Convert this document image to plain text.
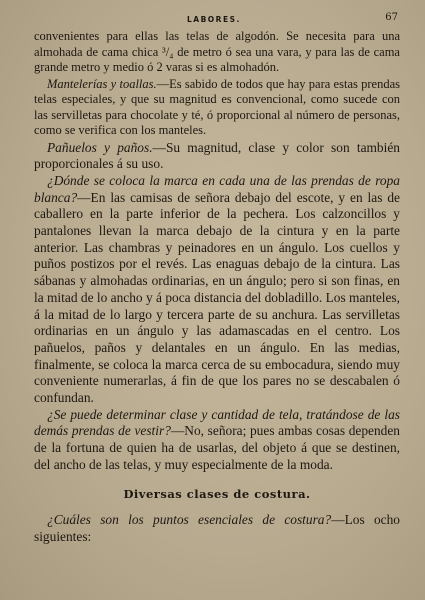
LABORES.	67

convenientes para ellas las telas de algodón. Se necesita para una almohada de cama chica ³/₄ de metro ó sea una vara, y para las de cama grande metro y medio ó 2 varas si es almohadón.

Mantelerías y toallas.—Es sabido de todos que hay para estas prendas telas especiales, y que su magnitud es convencional, como sucede con las servilletas para chocolate y té, ó proporcional al número de personas, como se verifica con los manteles.

Pañuelos y paños.—Su magnitud, clase y color son también proporcionales á su uso.

¿Dónde se coloca la marca en cada una de las prendas de ropa blanca?—En las camisas de señora debajo del escote, y en las de caballero en la parte inferior de la pechera. Los calzoncillos y pantalones llevan la marca debajo de la cintura y en la parte anterior. Las chambras y peinadores en un ángulo. Los cuellos y puños postizos por el revés. Las enaguas debajo de la cintura. Las sábanas y almohadas ordinarias, en un ángulo; pero si son finas, en la mitad de lo ancho y á poca distancia del dobladillo. Los manteles, á la mitad de lo largo y tercera parte de su anchura. Las servilletas ordinarias en un ángulo y las adamascadas en el centro. Los pañuelos, paños y delantales en un ángulo. En las medias, finalmente, se coloca la marca cerca de su embocadura, siendo muy conveniente numerarlas, á fin de que los pares no se descabalen ó confundan.

¿Se puede determinar clase y cantidad de tela, tratándose de las demás prendas de vestir?—No, señora; pues ambas cosas dependen de la fortuna de quien ha de usarlas, del objeto á que se destinen, del ancho de las telas, y muy especialmente de la moda.

Diversas clases de costura.

¿Cuáles son los puntos esenciales de costura?—Los ocho siguientes:
